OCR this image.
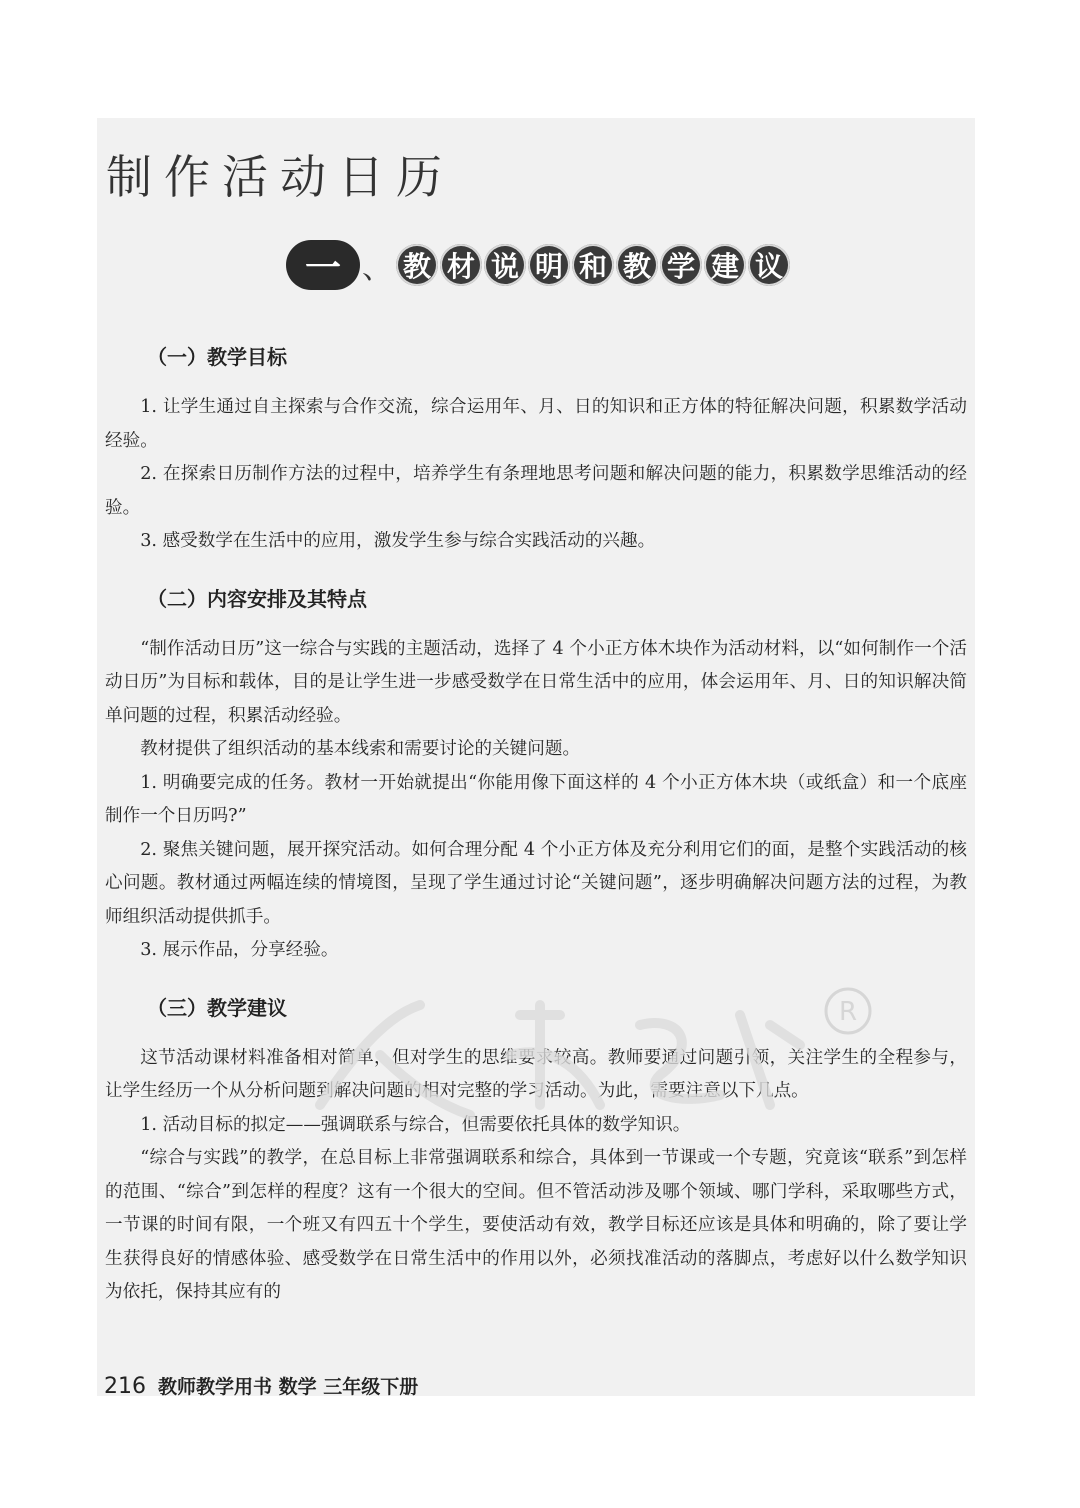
制作活动日历
一 、 教 材 说 明 和 教 学 建 议
（一）教学目标

1. 让学生通过自主探索与合作交流，综合运用年、月、日的知识和正方体的特征解决问题，积累数学活动经验。

2. 在探索日历制作方法的过程中，培养学生有条理地思考问题和解决问题的能力，积累数学思维活动的经验。

3. 感受数学在生活中的应用，激发学生参与综合实践活动的兴趣。

（二）内容安排及其特点

“制作活动日历”这一综合与实践的主题活动，选择了 4 个小正方体木块作为活动材料，以“如何制作一个活动日历”为目标和载体，目的是让学生进一步感受数学在日常生活中的应用，体会运用年、月、日的知识解决简单问题的过程，积累活动经验。

教材提供了组织活动的基本线索和需要讨论的关键问题。

1. 明确要完成的任务。教材一开始就提出“你能用像下面这样的 4 个小正方体木块（或纸盒）和一个底座制作一个日历吗?”

2. 聚焦关键问题，展开探究活动。如何合理分配 4 个小正方体及充分利用它们的面，是整个实践活动的核心问题。教材通过两幅连续的情境图，呈现了学生通过讨论“关键问题”，逐步明确解决问题方法的过程，为教师组织活动提供抓手。

3. 展示作品，分享经验。

（三）教学建议

这节活动课材料准备相对简单，但对学生的思维要求较高。教师要通过问题引领，关注学生的全程参与，让学生经历一个从分析问题到解决问题的相对完整的学习活动。为此，需要注意以下几点。

1. 活动目标的拟定——强调联系与综合，但需要依托具体的数学知识。

“综合与实践”的教学，在总目标上非常强调联系和综合，具体到一节课或一个专题，究竟该“联系”到怎样的范围、“综合”到怎样的程度？这有一个很大的空间。但不管活动涉及哪个领域、哪门学科，采取哪些方式，一节课的时间有限，一个班又有四五十个学生，要使活动有效，教学目标还应该是具体和明确的，除了要让学生获得良好的情感体验、感受数学在日常生活中的作用以外，必须找准活动的落脚点，考虑好以什么数学知识为依托，保持其应有的

R
216 教师教学用书 数学 三年级下册
